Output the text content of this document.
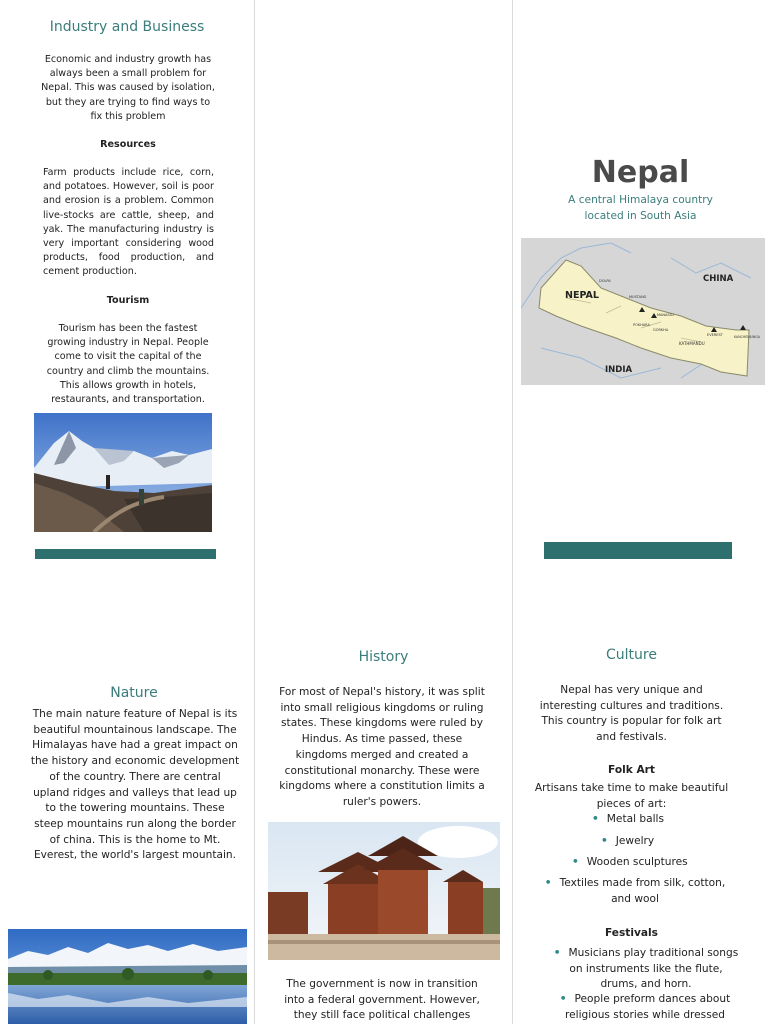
Industry and Business
Economic and industry growth has always been a small problem for Nepal. This was caused by isolation, but they are trying to find ways to fix this problem
Resources
Farm products include rice, corn, and potatoes. However, soil is poor and erosion is a problem. Common live-stocks are cattle, sheep, and yak. The manufacturing industry is very important considering wood products, food production, and cement production.
Tourism
Tourism has been the fastest growing industry in Nepal. People come to visit the capital of the country and climb the mountains. This allows growth in hotels, restaurants, and transportation.
Nature
The main nature feature of Nepal is its beautiful mountainous landscape. The Himalayas have had a great impact on the history and economic development of the country. There are central upland ridges and valleys that lead up to the towering mountains. These steep mountains run along the border of china. This is the home to Mt. Everest, the world's largest mountain.
History
For most of Nepal's history, it was split into small religious kingdoms or ruling states. These kingdoms were ruled by Hindus. As time passed, these kingdoms merged and created a constitutional monarchy. These were kingdoms where a constitution limits a ruler's powers.
The government is now in transition into a federal government. However, they still face political challenges
Nepal
A central Himalaya country located in South Asia
NEPAL
CHINA
INDIA
KATHMANDU
DOLPA
MUSTANG
POKHARA
GORKHA
MANASLU
EVEREST	KANCHENJUNGA
Culture
Nepal has very unique and interesting cultures and traditions. This country is popular for folk art and festivals.
Folk Art
Artisans take time to make beautiful pieces of art:
• Metal balls
• Jewelry
• Wooden sculptures
• Textiles made from silk, cotton, and wool
Festivals
• Musicians play traditional songs on instruments like the flute, drums, and horn.
• People preform dances about religious stories while dressed
